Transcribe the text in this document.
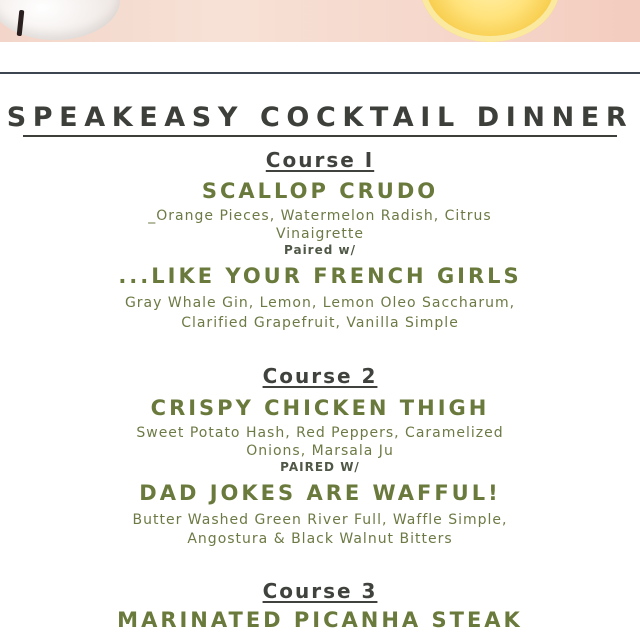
SPEAKEASY COCKTAIL DINNER
Course I
SCALLOP CRUDO
_Orange Pieces, Watermelon Radish, Citrus
Vinaigrette
Paired w/
...LIKE YOUR FRENCH GIRLS
Gray Whale Gin, Lemon, Lemon Oleo Saccharum,
Clarified Grapefruit, Vanilla Simple
Course 2
CRISPY CHICKEN THIGH
Sweet Potato Hash, Red Peppers, Caramelized
Onions, Marsala Ju
PAIRED W/
DAD JOKES ARE WAFFUL!
Butter Washed Green River Full, Waffle Simple,
Angostura & Black Walnut Bitters
Course 3
MARINATED PICANHA STEAK
